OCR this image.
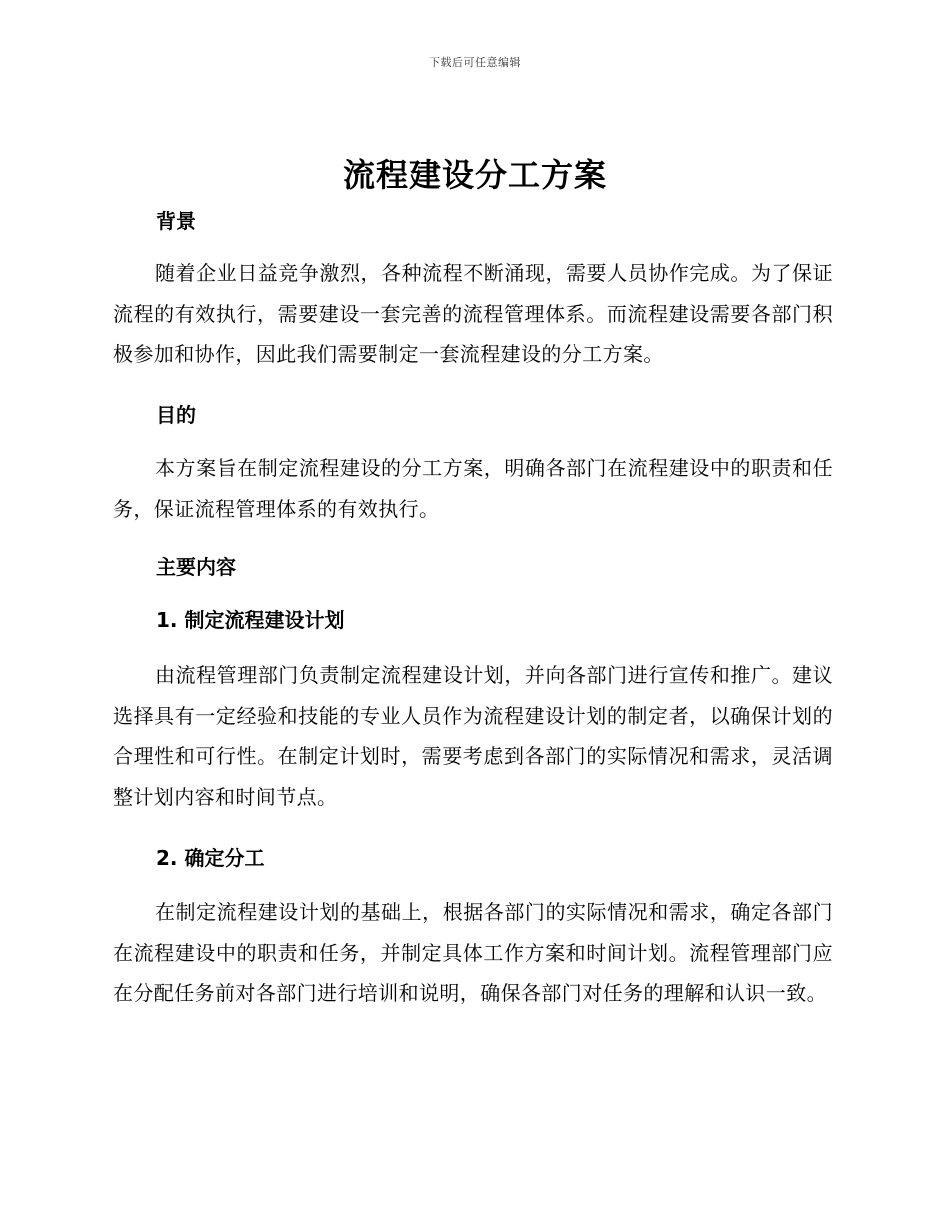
下载后可任意编辑
流程建设分工方案
背景
随着企业日益竞争激烈，各种流程不断涌现，需要人员协作完成。为了保证流程的有效执行，需要建设一套完善的流程管理体系。而流程建设需要各部门积极参加和协作，因此我们需要制定一套流程建设的分工方案。
目的
本方案旨在制定流程建设的分工方案，明确各部门在流程建设中的职责和任务，保证流程管理体系的有效执行。
主要内容
1. 制定流程建设计划
由流程管理部门负责制定流程建设计划，并向各部门进行宣传和推广。建议选择具有一定经验和技能的专业人员作为流程建设计划的制定者，以确保计划的合理性和可行性。在制定计划时，需要考虑到各部门的实际情况和需求，灵活调整计划内容和时间节点。
2. 确定分工
在制定流程建设计划的基础上，根据各部门的实际情况和需求，确定各部门在流程建设中的职责和任务，并制定具体工作方案和时间计划。流程管理部门应在分配任务前对各部门进行培训和说明，确保各部门对任务的理解和认识一致。
